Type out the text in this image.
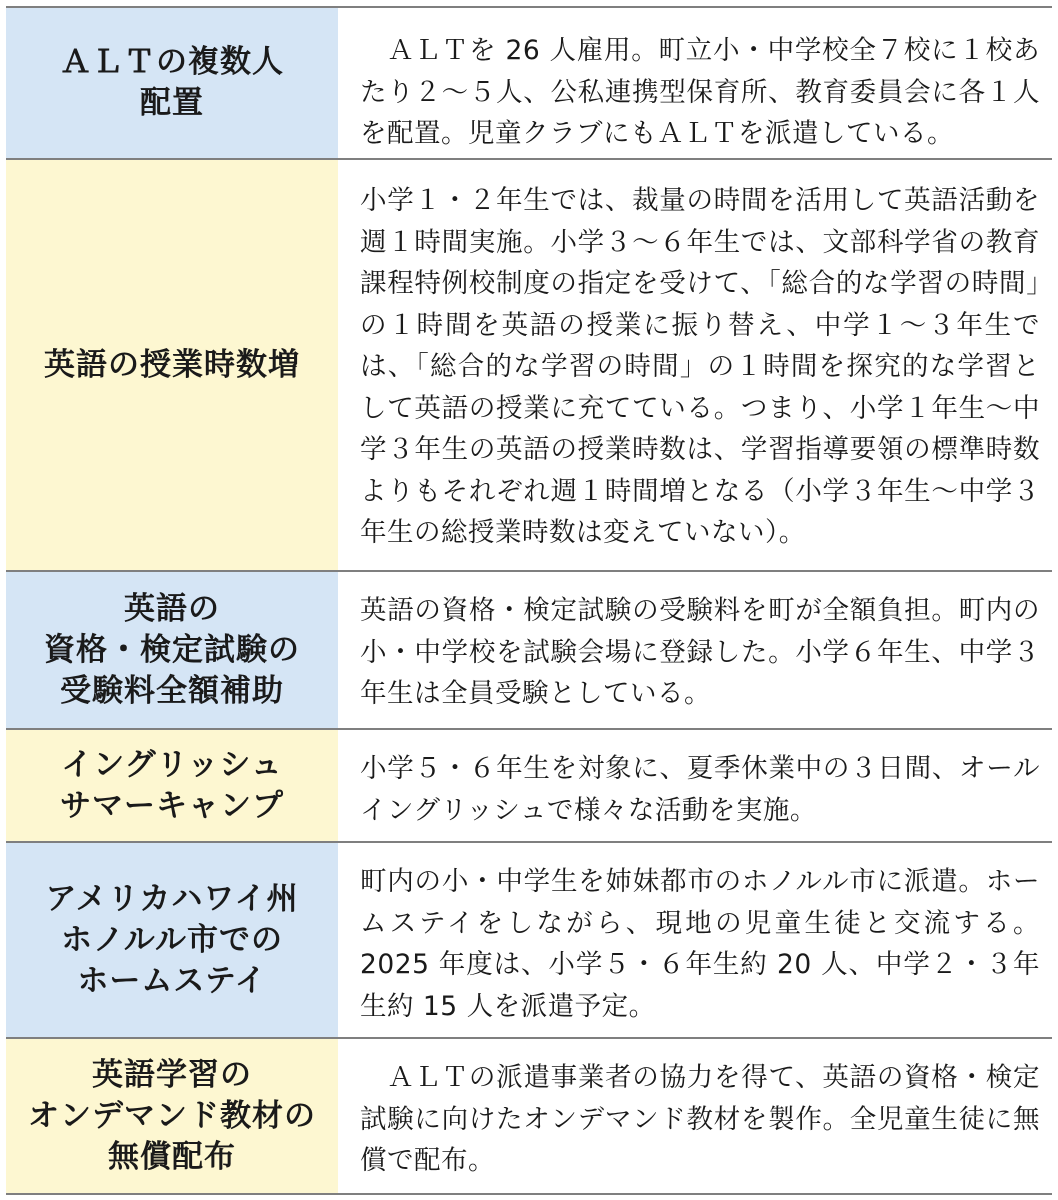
ＡＬＴの複数人
配置
　ＡＬＴを 26 人雇用。町立小・中学校全７校に１校あたり２〜５人、公私連携型保育所、教育委員会に各１人を配置。児童クラブにもＡＬＴを派遣している。
英語の授業時数増
小学１・２年生では、裁量の時間を活用して英語活動を週１時間実施。小学３〜６年生では、文部科学省の教育課程特例校制度の指定を受けて、「総合的な学習の時間」の１時間を英語の授業に振り替え、中学１〜３年生では、「総合的な学習の時間」の１時間を探究的な学習として英語の授業に充てている。つまり、小学１年生〜中学３年生の英語の授業時数は、学習指導要領の標準時数よりもそれぞれ週１時間増となる（小学３年生〜中学３年生の総授業時数は変えていない）。
英語の
資格・検定試験の
受験料全額補助
英語の資格・検定試験の受験料を町が全額負担。町内の小・中学校を試験会場に登録した。小学６年生、中学３年生は全員受験としている。
イングリッシュ
サマーキャンプ
小学５・６年生を対象に、夏季休業中の３日間、オールイングリッシュで様々な活動を実施。
アメリカハワイ州
ホノルル市での
ホームステイ
町内の小・中学生を姉妹都市のホノルル市に派遣。ホームステイをしながら、現地の児童生徒と交流する。2025 年度は、小学５・６年生約 20 人、中学２・３年生約 15 人を派遣予定。
英語学習の
オンデマンド教材の
無償配布
　ＡＬＴの派遣事業者の協力を得て、英語の資格・検定試験に向けたオンデマンド教材を製作。全児童生徒に無償で配布。
